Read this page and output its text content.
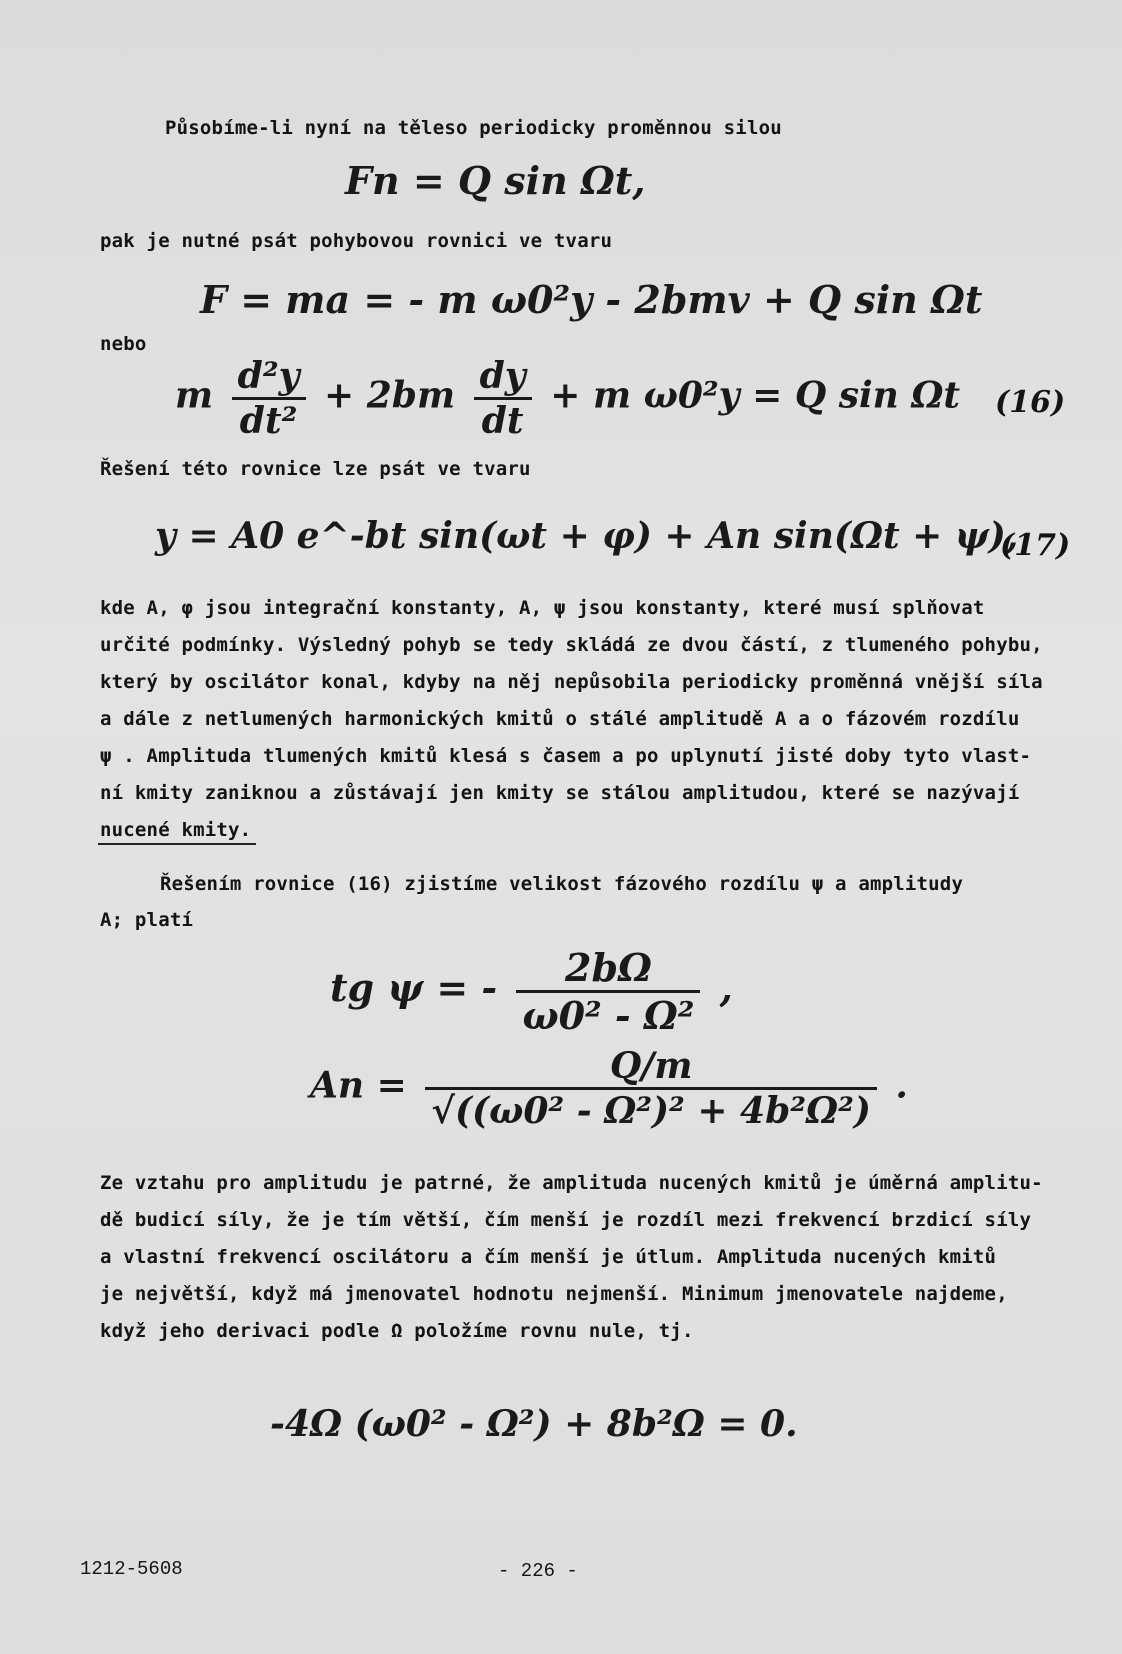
Působíme-li nyní na těleso periodicky proměnnou silou
Fn = Q sin Ωt,
pak je nutné psát pohybovou rovnici ve tvaru
F = ma = - m ω0²y - 2bmv + Q sin Ωt
nebo
m $\frac{\text{d²y}}{\text{dt²}} + 2bm \frac{dy}{dt} + m$ ω0²y = Q sin Ωt (16)
Řešení této rovnice lze psát ve tvaru
y = A0 e^-bt sin(ωt + φ) + An sin(Ωt + ψ),
(17)
kde A, φ jsou integrační konstanty, A, ψ jsou konstanty, které musí splňovat
určité podmínky. Výsledný pohyb se tedy skládá ze dvou částí, z tlumeného pohybu,
který by oscilátor konal, kdyby na něj nepůsobila periodicky proměnná vnější síla
a dále z netlumených harmonických kmitů o stálé amplitudě A a o fázovém rozdílu
ψ . Amplituda tlumených kmitů klesá s časem a po uplynutí jisté doby tyto vlast-
ní kmity zaniknou a zůstávají jen kmity se stálou amplitudou, které se nazývají
nucené kmity.
Řešením rovnice (16) zjistíme velikost fázového rozdílu ψ a amplitudy
A; platí
tg ψ = - $\frac{2b\Omega}{\text{ω0² - Ω²}}$ ,
$An = \frac{Q/m}{\text{√((ω0² - Ω²)² + 4b²Ω²)}}$ .
Ze vztahu pro amplitudu je patrné, že amplituda nucených kmitů je úměrná amplitu-
dě budicí síly, že je tím větší, čím menší je rozdíl mezi frekvencí brzdicí síly
a vlastní frekvencí oscilátoru a čím menší je útlum. Amplituda nucených kmitů
je největší, když má jmenovatel hodnotu nejmenší. Minimum jmenovatele najdeme,
když jeho derivaci podle Ω položíme rovnu nule, tj.
-4Ω (ω0² - Ω²) + 8b²Ω = 0.
1212-5608	- 226 -
